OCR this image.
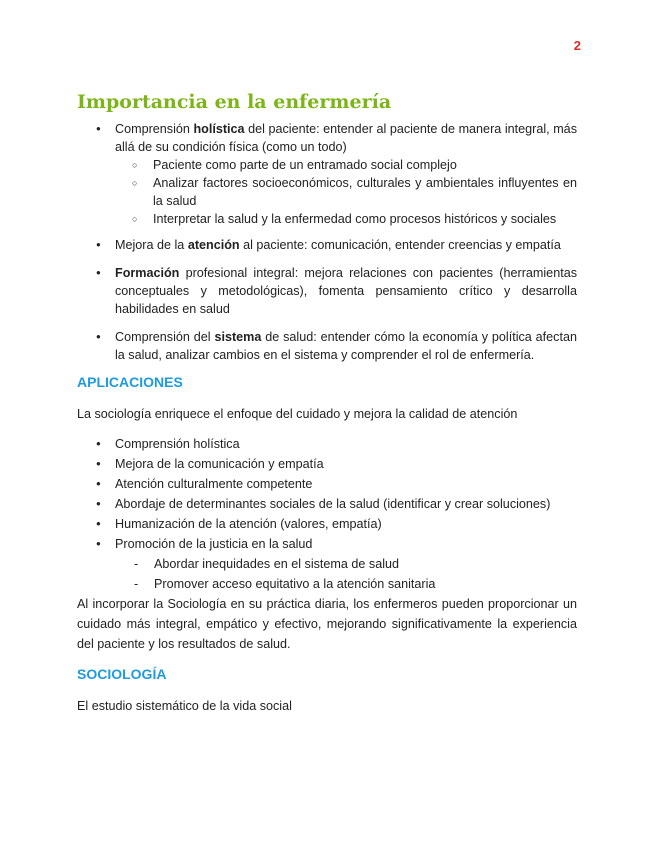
2
Importancia en la enfermería
● Comprensión holística del paciente: entender al paciente de manera integral, más allá de su condición física (como un todo)
○ Paciente como parte de un entramado social complejo
○ Analizar factores socioeconómicos, culturales y ambientales influyentes en la salud
○ Interpretar la salud y la enfermedad como procesos históricos y sociales
● Mejora de la atención al paciente: comunicación, entender creencias y empatía
● Formación profesional integral: mejora relaciones con pacientes (herramientas conceptuales y metodológicas), fomenta pensamiento crítico y desarrolla habilidades en salud
● Comprensión del sistema de salud: entender cómo la economía y política afectan la salud, analizar cambios en el sistema y comprender el rol de enfermería.
APLICACIONES

La sociología enriquece el enfoque del cuidado y mejora la calidad de atención

● Comprensión holística
● Mejora de la comunicación y empatía
● Atención culturalmente competente
● Abordaje de determinantes sociales de la salud (identificar y crear soluciones)
● Humanización de la atención (valores, empatía)
● Promoción de la justicia en la salud
- Abordar inequidades en el sistema de salud
- Promover acceso equitativo a la atención sanitaria

Al incorporar la Sociología en su práctica diaria, los enfermeros pueden proporcionar un cuidado más integral, empático y efectivo, mejorando significativamente la experiencia del paciente y los resultados de salud.

SOCIOLOGÍA

El estudio sistemático de la vida social
